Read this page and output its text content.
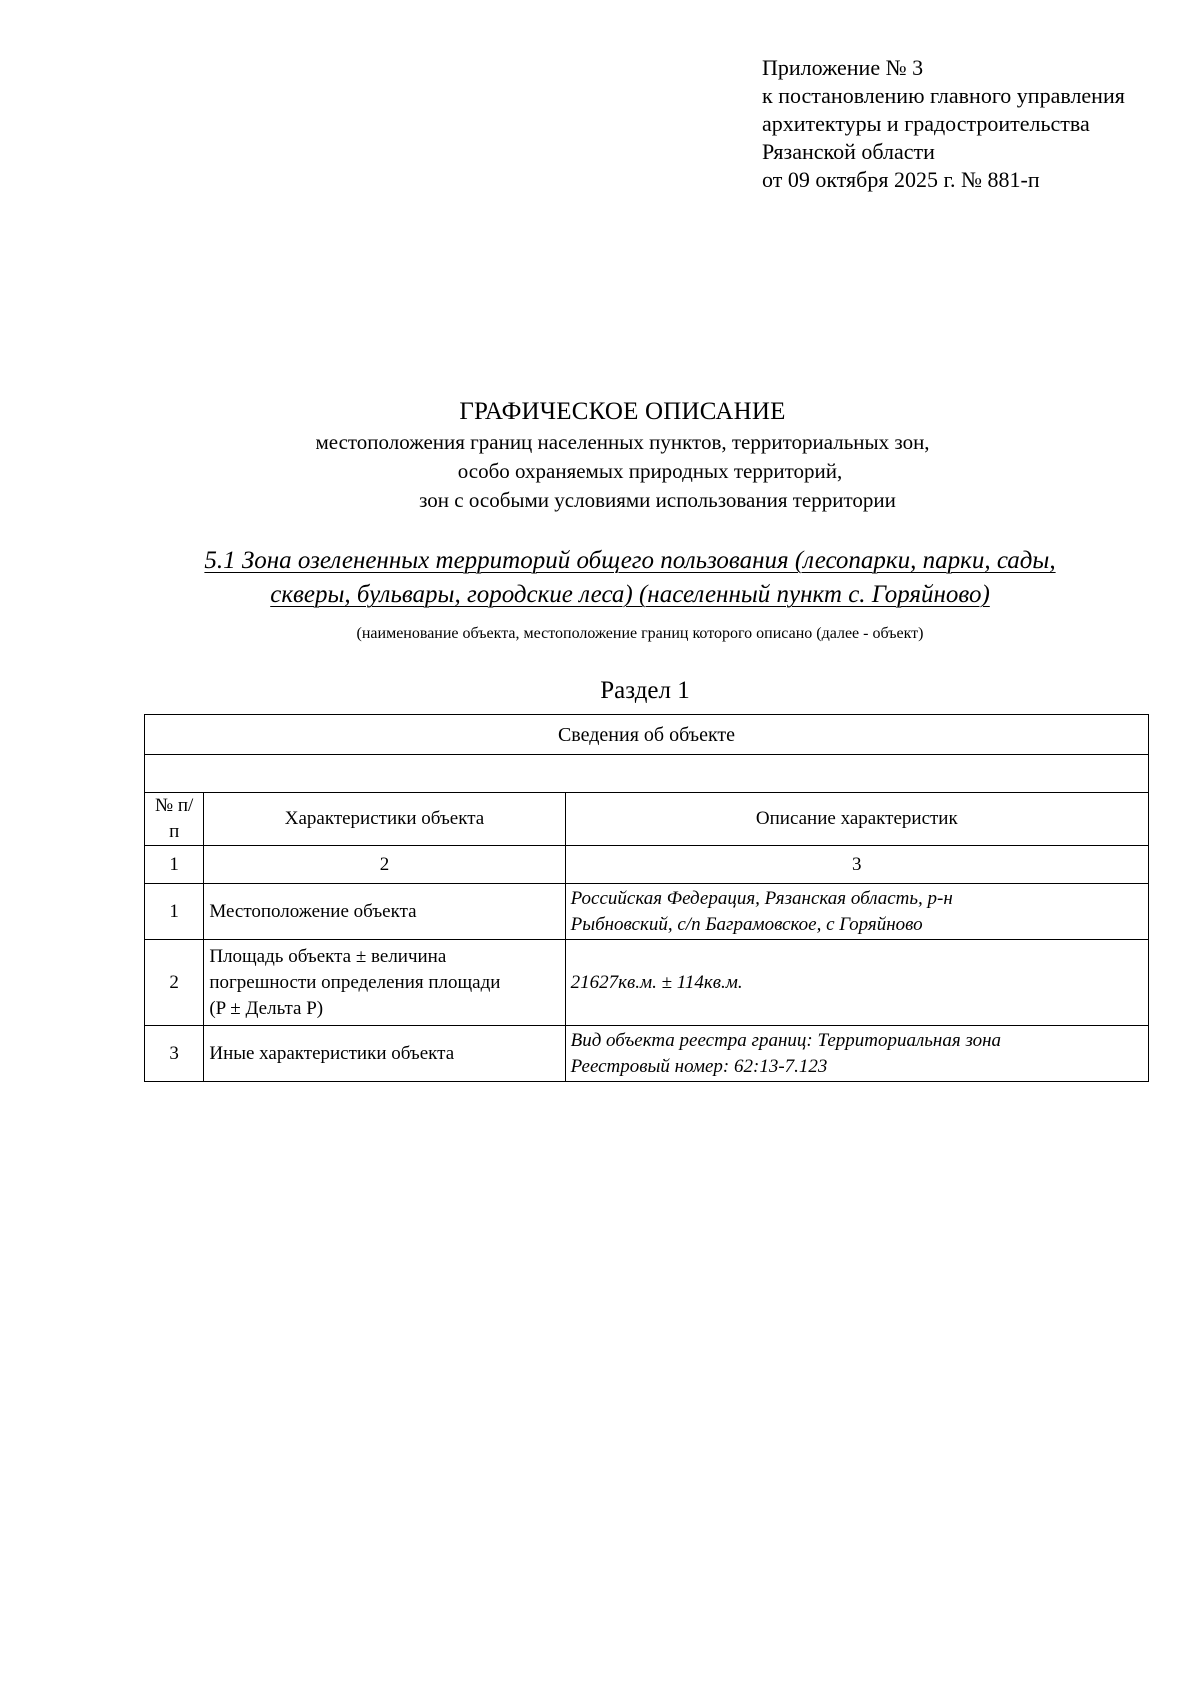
Приложение № 3
к постановлению главного управления
архитектуры и градостроительства
Рязанской области
от 09 октября 2025 г. № 881-п
ГРАФИЧЕСКОЕ ОПИСАНИЕ
местоположения границ населенных пунктов, территориальных зон,
особо охраняемых природных территорий,
зон с особыми условиями использования территории
5.1 Зона озелененных территорий общего пользования (лесопарки, парки, сады,
скверы, бульвары, городские леса) (населенный пункт с. Горяйново)
(наименование объекта, местоположение границ которого описано (далее - объект)
Раздел 1
Сведения об объекте		

№ п/п	Характеристики объекта	Описание характеристик
1	2	3
1	Местоположение объекта	Российская Федерация, Рязанская область, р-н
Рыбновский, с/п Баграмовское, с Горяйново

2	Площадь объекта ± величина
погрешности определения площади
(P ± Дельта P)	21627кв.м. ± 114кв.м.
3	Иные характеристики объекта	Вид объекта реестра границ: Территориальная зона
Реестровый номер: 62:13-7.123
